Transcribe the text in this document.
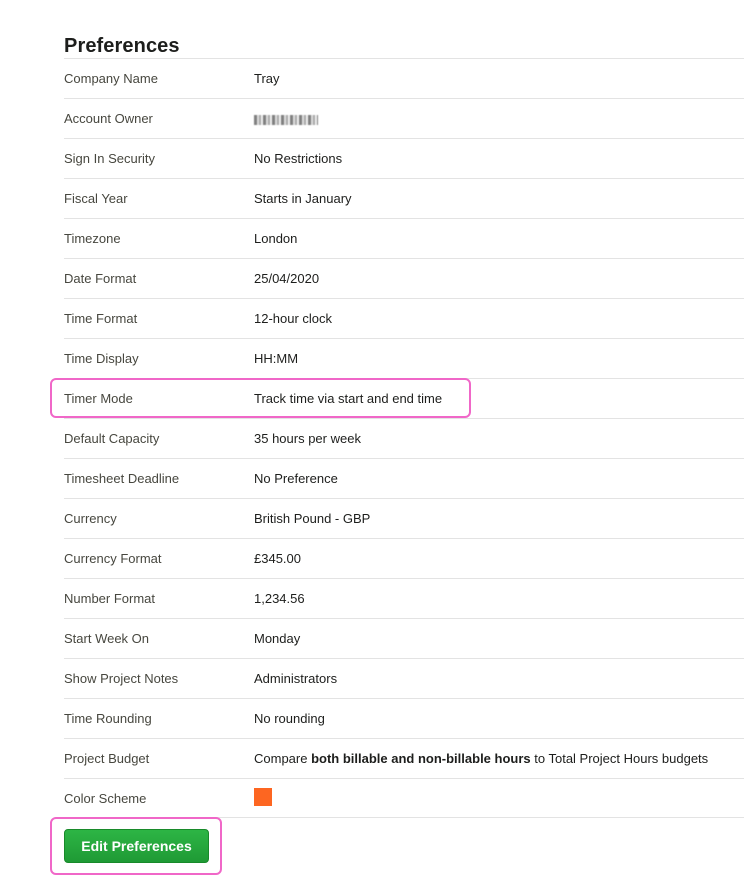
Preferences
Company Name	Tray
Account Owner
Sign In Security	No Restrictions
Fiscal Year	Starts in January
Timezone	London
Date Format	25/04/2020
Time Format	12-hour clock
Time Display	HH:MM
Timer Mode	Track time via start and end time
Default Capacity	35 hours per week
Timesheet Deadline	No Preference
Currency	British Pound - GBP
Currency Format	£345.00
Number Format	1,234.56
Start Week On	Monday
Show Project Notes	Administrators
Time Rounding	No rounding
Project Budget	Compare both billable and non-billable hours to Total Project Hours budgets
Color Scheme
Edit Preferences
